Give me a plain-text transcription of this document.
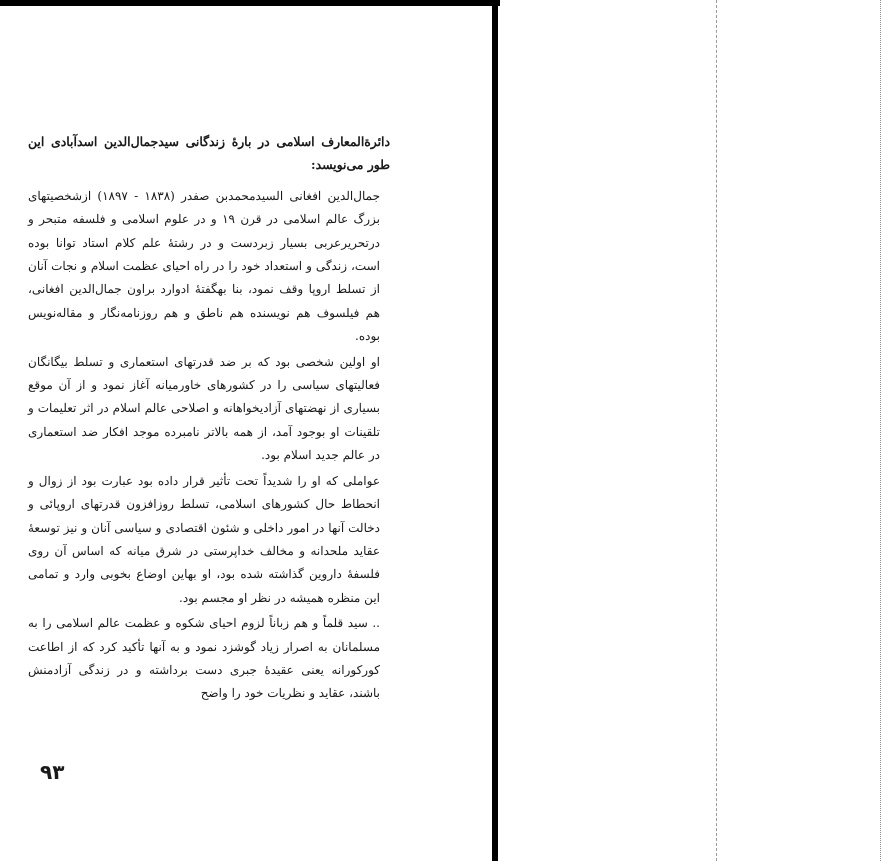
دائرةالمعارف اسلامی در بارهٔ زندگانی سیدجمال‌الدین اسدآبادی این طور می‌نویسد:

جمال‌الدین افغانی السیدمحمدبن صفدر (۱۸۳۸ - ۱۸۹۷) ازشخصیتهای بزرگ عالم اسلامی در قرن ۱۹ و در علوم اسلامی و فلسفه متبحر و درتحریرعربی بسیار زبردست و در رشتهٔ علم کلام استاد توانا بوده است، زندگی و استعداد خود را در راه احیای عظمت اسلام و نجات آنان از تسلط اروپا وقف نمود، بنا بهگفتهٔ ادوارد براون جمال‌الدین افغانی، هم فیلسوف هم نویسنده هم ناطق و هم روزنامه‌نگار و مقاله‌نویس بوده.

او اولین شخصی بود که بر ضد قدرتهای استعماری و تسلط بیگانگان فعالیتهای سیاسی را در کشورهای خاورمیانه آغاز نمود و از آن موقع بسیاری از نهضتهای آزادیخواهانه و اصلاحی عالم اسلام در اثر تعلیمات و تلقینات او بوجود آمد، از همه بالاتر نامبرده موجد افکار ضد استعماری در عالم جدید اسلام بود.

عواملی که او را شدیداً تحت تأثیر قرار داده بود عبارت بود از زوال و انحطاط حال کشورهای اسلامی، تسلط روزافزون قدرتهای اروپائی و دخالت آنها در امور داخلی و شئون اقتصادی و سیاسی آنان و نیز توسعهٔ عقاید ملحدانه و مخالف خداپرستی در شرق میانه که اساس آن روی فلسفهٔ داروین گذاشته شده بود، او بهاین اوضاع بخوبی وارد و تمامی این منظره همیشه در نظر او مجسم بود.

.. سید قلماً و هم زباناً لزوم احیای شکوه و عظمت عالم اسلامی را به مسلمانان به اصرار زیاد گوشزد نمود و به آنها تأکید کرد که از اطاعت کورکورانه یعنی عقیدهٔ جبری دست برداشته و در زندگی آزادمنش باشند، عقاید و نظریات خود را واضح

۹۳
